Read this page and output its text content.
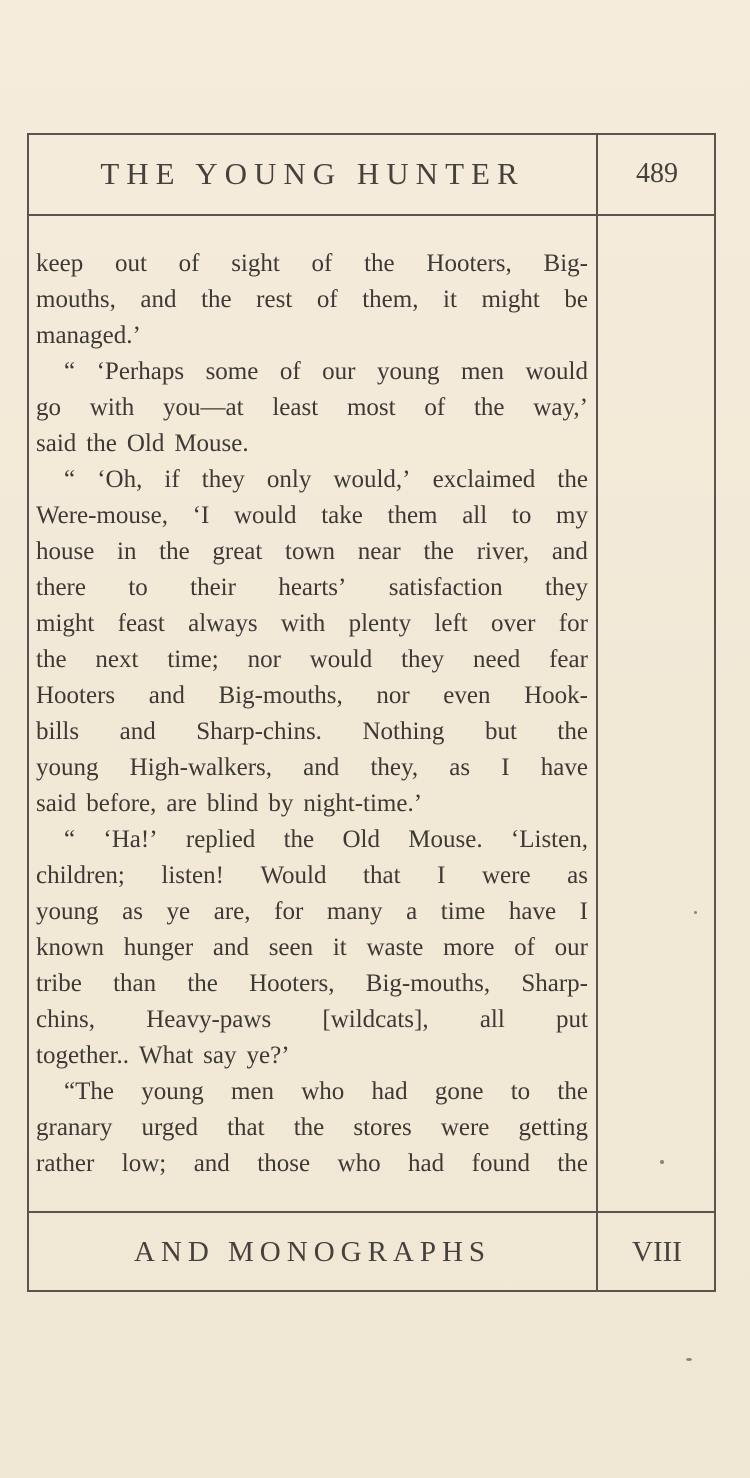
THE YOUNG HUNTER	489
keep out of sight of the Hooters, Big-
mouths, and the rest of them, it might be
managed.’
“ ‘Perhaps some of our young men would
go with you—at least most of the way,’
said the Old Mouse.
“ ‘Oh, if they only would,’ exclaimed the
Were-mouse, ‘I would take them all to my
house in the great town near the river, and
there to their hearts’ satisfaction they
might feast always with plenty left over for
the next time; nor would they need fear
Hooters and Big-mouths, nor even Hook-
bills and Sharp-chins. Nothing but the
young High-walkers, and they, as I have
said before, are blind by night-time.’
“ ‘Ha!’ replied the Old Mouse. ‘Listen,
children; listen! Would that I were as
young as ye are, for many a time have I
known hunger and seen it waste more of our
tribe than the Hooters, Big-mouths, Sharp-
chins, Heavy-paws [wildcats], all put
together.. What say ye?’
“The young men who had gone to the
granary urged that the stores were getting
rather low; and those who had found the
AND MONOGRAPHS	VIII
